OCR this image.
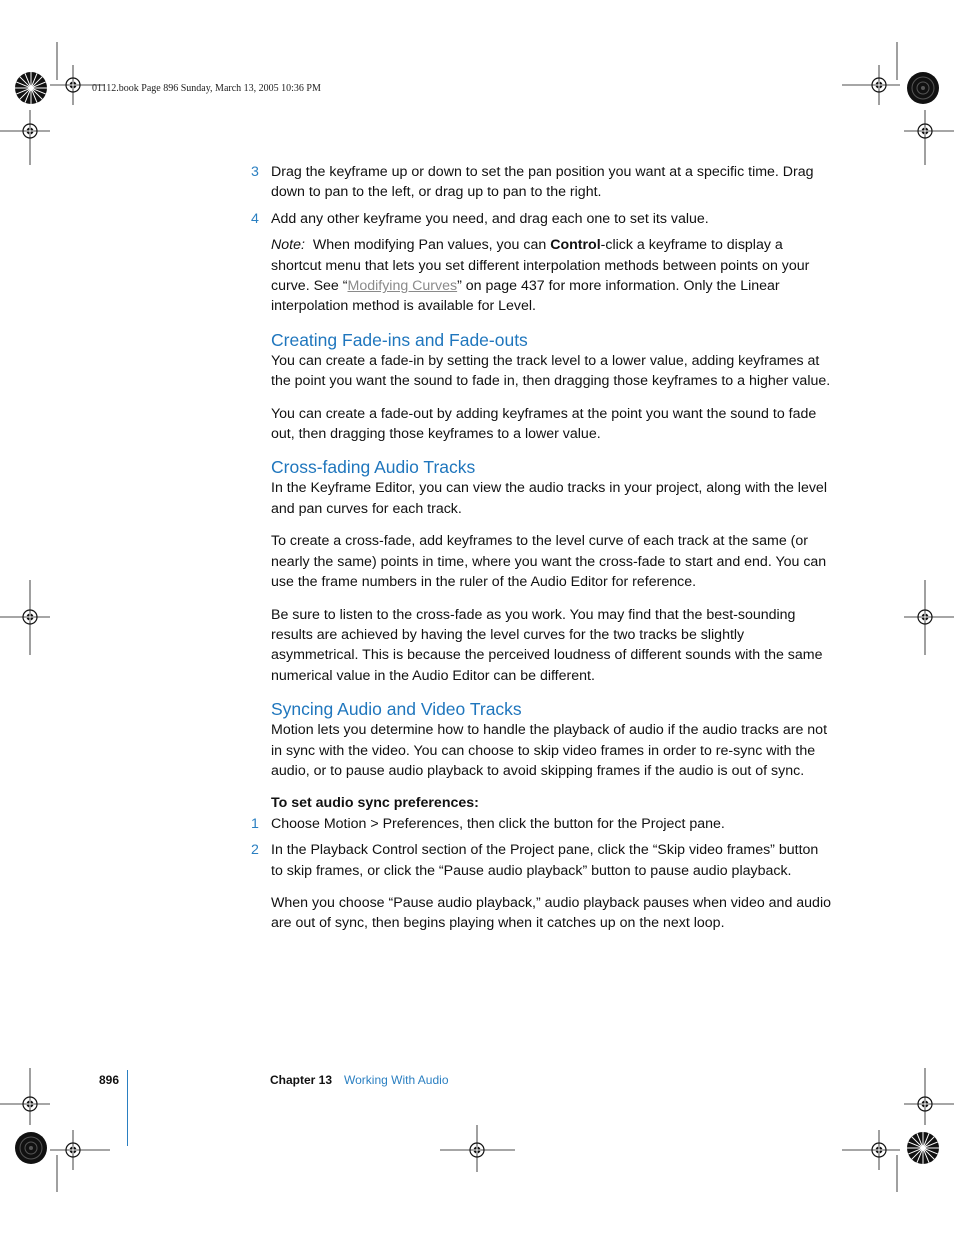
01112.book Page 896 Sunday, March 13, 2005 10:36 PM
3 Drag the keyframe up or down to set the pan position you want at a specific time. Drag down to pan to the left, or drag up to pan to the right.

4 Add any other keyframe you need, and drag each one to set its value.

Note: When modifying Pan values, you can Control-click a keyframe to display a shortcut menu that lets you set different interpolation methods between points on your curve. See “Modifying Curves” on page 437 for more information. Only the Linear interpolation method is available for Level.

Creating Fade-ins and Fade-outs

You can create a fade-in by setting the track level to a lower value, adding keyframes at the point you want the sound to fade in, then dragging those keyframes to a higher value.

You can create a fade-out by adding keyframes at the point you want the sound to fade out, then dragging those keyframes to a lower value.

Cross-fading Audio Tracks

In the Keyframe Editor, you can view the audio tracks in your project, along with the level and pan curves for each track.

To create a cross-fade, add keyframes to the level curve of each track at the same (or nearly the same) points in time, where you want the cross-fade to start and end. You can use the frame numbers in the ruler of the Audio Editor for reference.

Be sure to listen to the cross-fade as you work. You may find that the best-sounding results are achieved by having the level curves for the two tracks be slightly asymmetrical. This is because the perceived loudness of different sounds with the same numerical value in the Audio Editor can be different.

Syncing Audio and Video Tracks

Motion lets you determine how to handle the playback of audio if the audio tracks are not in sync with the video. You can choose to skip video frames in order to re-sync with the audio, or to pause audio playback to avoid skipping frames if the audio is out of sync.

To set audio sync preferences:

1 Choose Motion > Preferences, then click the button for the Project pane.

2 In the Playback Control section of the Project pane, click the “Skip video frames” button to skip frames, or click the “Pause audio playback” button to pause audio playback.

When you choose “Pause audio playback,” audio playback pauses when video and audio are out of sync, then begins playing when it catches up on the next loop.

896	Chapter 13 Working With Audio
